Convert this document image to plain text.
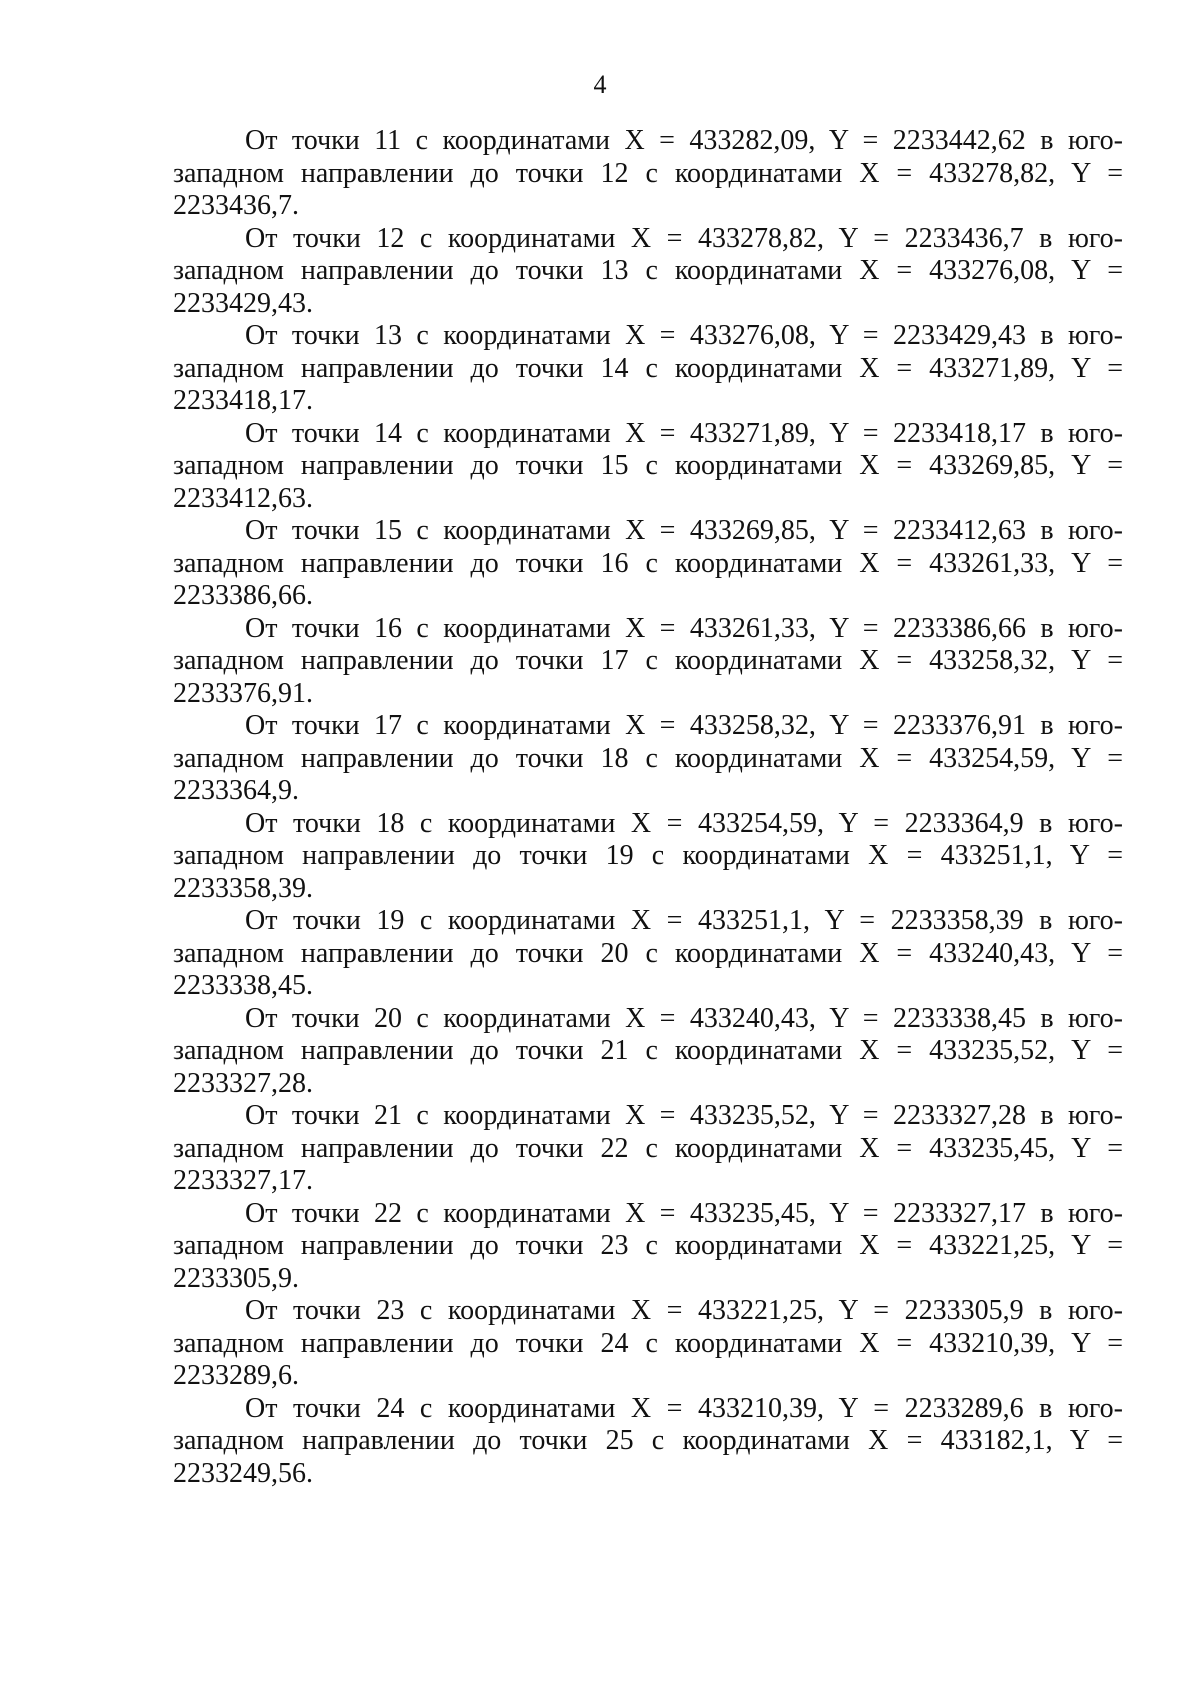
4

От точки 11 с координатами X = 433282,09, Y = 2233442,62 в юго-западном направлении до точки 12 с координатами X = 433278,82, Y = 2233436,7.

От точки 12 с координатами X = 433278,82, Y = 2233436,7 в юго-западном направлении до точки 13 с координатами X = 433276,08, Y = 2233429,43.

От точки 13 с координатами X = 433276,08, Y = 2233429,43 в юго-западном направлении до точки 14 с координатами X = 433271,89, Y = 2233418,17.

От точки 14 с координатами X = 433271,89, Y = 2233418,17 в юго-западном направлении до точки 15 с координатами X = 433269,85, Y = 2233412,63.

От точки 15 с координатами X = 433269,85, Y = 2233412,63 в юго-западном направлении до точки 16 с координатами X = 433261,33, Y = 2233386,66.

От точки 16 с координатами X = 433261,33, Y = 2233386,66 в юго-западном направлении до точки 17 с координатами X = 433258,32, Y = 2233376,91.

От точки 17 с координатами X = 433258,32, Y = 2233376,91 в юго-западном направлении до точки 18 с координатами X = 433254,59, Y = 2233364,9.

От точки 18 с координатами X = 433254,59, Y = 2233364,9 в юго-западном направлении до точки 19 с координатами X = 433251,1, Y = 2233358,39.

От точки 19 с координатами X = 433251,1, Y = 2233358,39 в юго-западном направлении до точки 20 с координатами X = 433240,43, Y = 2233338,45.

От точки 20 с координатами X = 433240,43, Y = 2233338,45 в юго-западном направлении до точки 21 с координатами X = 433235,52, Y = 2233327,28.

От точки 21 с координатами X = 433235,52, Y = 2233327,28 в юго-западном направлении до точки 22 с координатами X = 433235,45, Y = 2233327,17.

От точки 22 с координатами X = 433235,45, Y = 2233327,17 в юго-западном направлении до точки 23 с координатами X = 433221,25, Y = 2233305,9.

От точки 23 с координатами X = 433221,25, Y = 2233305,9 в юго-западном направлении до точки 24 с координатами X = 433210,39, Y = 2233289,6.

От точки 24 с координатами X = 433210,39, Y = 2233289,6 в юго-западном направлении до точки 25 с координатами X = 433182,1, Y = 2233249,56.
